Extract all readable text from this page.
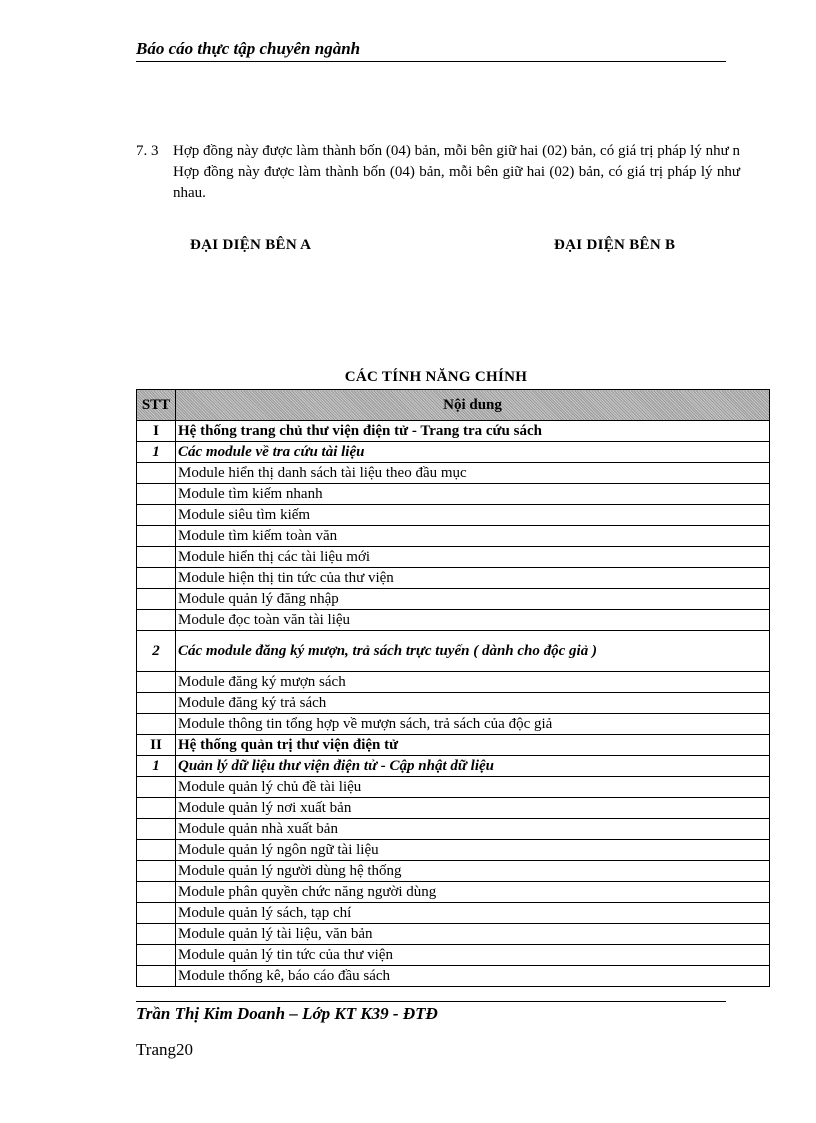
Báo cáo thực tập chuyên ngành
7. 3 Hợp đồng này được làm thành bốn (04) bản, mỗi bên giữ hai (02) bản, có giá trị pháp lý như n Hợp đồng này được làm thành bốn (04) bản, mỗi bên giữ hai (02) bản, có giá trị pháp lý như nhau.
ĐẠI DIỆN BÊN A	ĐẠI DIỆN BÊN B
CÁC TÍNH NĂNG CHÍNH
STT	Nội dung
I	Hệ thống trang chủ thư viện điện tử - Trang tra cứu sách
1	Các module về tra cứu tài liệu
	Module hiển thị danh sách tài liệu theo đầu mục
	Module tìm kiếm nhanh
	Module siêu tìm kiếm
	Module tìm kiếm toàn văn
	Module hiển thị các tài liệu mới
	Module hiện thị tin tức của thư viện
	Module quản lý đăng nhập
	Module đọc toàn văn tài liệu
2	Các module đăng ký mượn, trả sách trực tuyến ( dành cho độc giả )
	Module đăng ký mượn sách
	Module đăng ký trả sách
	Module thông tin tổng hợp về mượn sách, trả sách của độc giả
II	Hệ thống quản trị thư viện điện tử
1	Quản lý dữ liệu thư viện điện tử - Cập nhật dữ liệu
	Module quản lý chủ đề tài liệu
	Module quản lý nơi xuất bản
	Module quản nhà xuất bản
	Module quản lý ngôn ngữ tài liệu
	Module quản lý người dùng hệ thống
	Module phân quyền chức năng người dùng
	Module quản lý sách, tạp chí
	Module quản lý tài liệu, văn bản
	Module quản lý tin tức của thư viện
	Module thống kê, báo cáo đầu sách
Trần Thị Kim Doanh – Lớp KT K39 - ĐTĐ
Trang20
